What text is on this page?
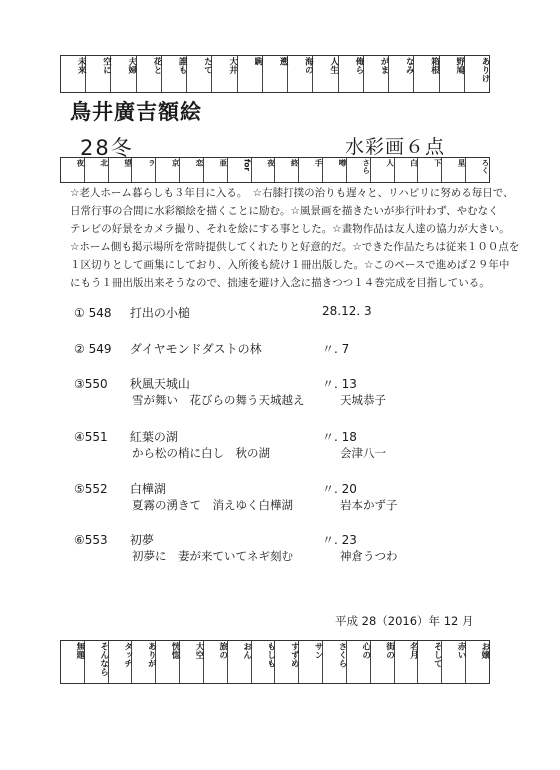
未来	空に	夫婦	花と	誰も	たて	大井	駒	遡	海の	人生	俺ら	がま	なみ	箱根	野鳩	ありけ
鳥井廣吉額絵
28冬	水彩画６点
夜	北	望	ラ	京	恋	亜	for	夜	終	手	噂	さら	人	白	下	星	ろく

☆老人ホーム暮らしも３年目に入る。　☆右膝打撲の治りも遅々と、リハビリに努める毎日で、

日常行事の合間に水彩額絵を描くことに励む。☆風景画を描きたいが歩行叶わず、やむなく

テレビの好景をカメラ撮り、それを絵にする事とした。☆畫物作品は友人達の協力が大きい。

☆ホーム側も掲示場所を常時提供してくれたりと好意的だ。☆できた作品たちは従来１００点を

１区切りとして画集にしており、入所後も続け１冊出版した。☆このペースで進めば２９年中

にもう１冊出版出来そうなので、拙速を避け入念に描きつつ１４巻完成を目指している。

① 548 打出の小槌	28.12. 3
② 549 ダイヤモンドダストの林	〃. 7
③550 秋風天城山	〃. 13
雪が舞い　花びらの舞う天城越え	天城恭子
④551 紅葉の湖	〃. 18
から松の梢に白し　秋の湖	会津八一
⑤552 白樺湖	〃. 20
夏霧の湧きて　消えゆく白樺湖	岩本かず子
⑥553 初夢	〃. 23
初夢に　妻が来ていてネギ刻む	神倉うつわ
平成 28（2016）年 12 月
無題	そんなら	タッチ	ありが	恍惚	大空	旅の	おん	もしも	すずめ	サン	さくら	心の	街の	名月	そして	赤い	お嬢
